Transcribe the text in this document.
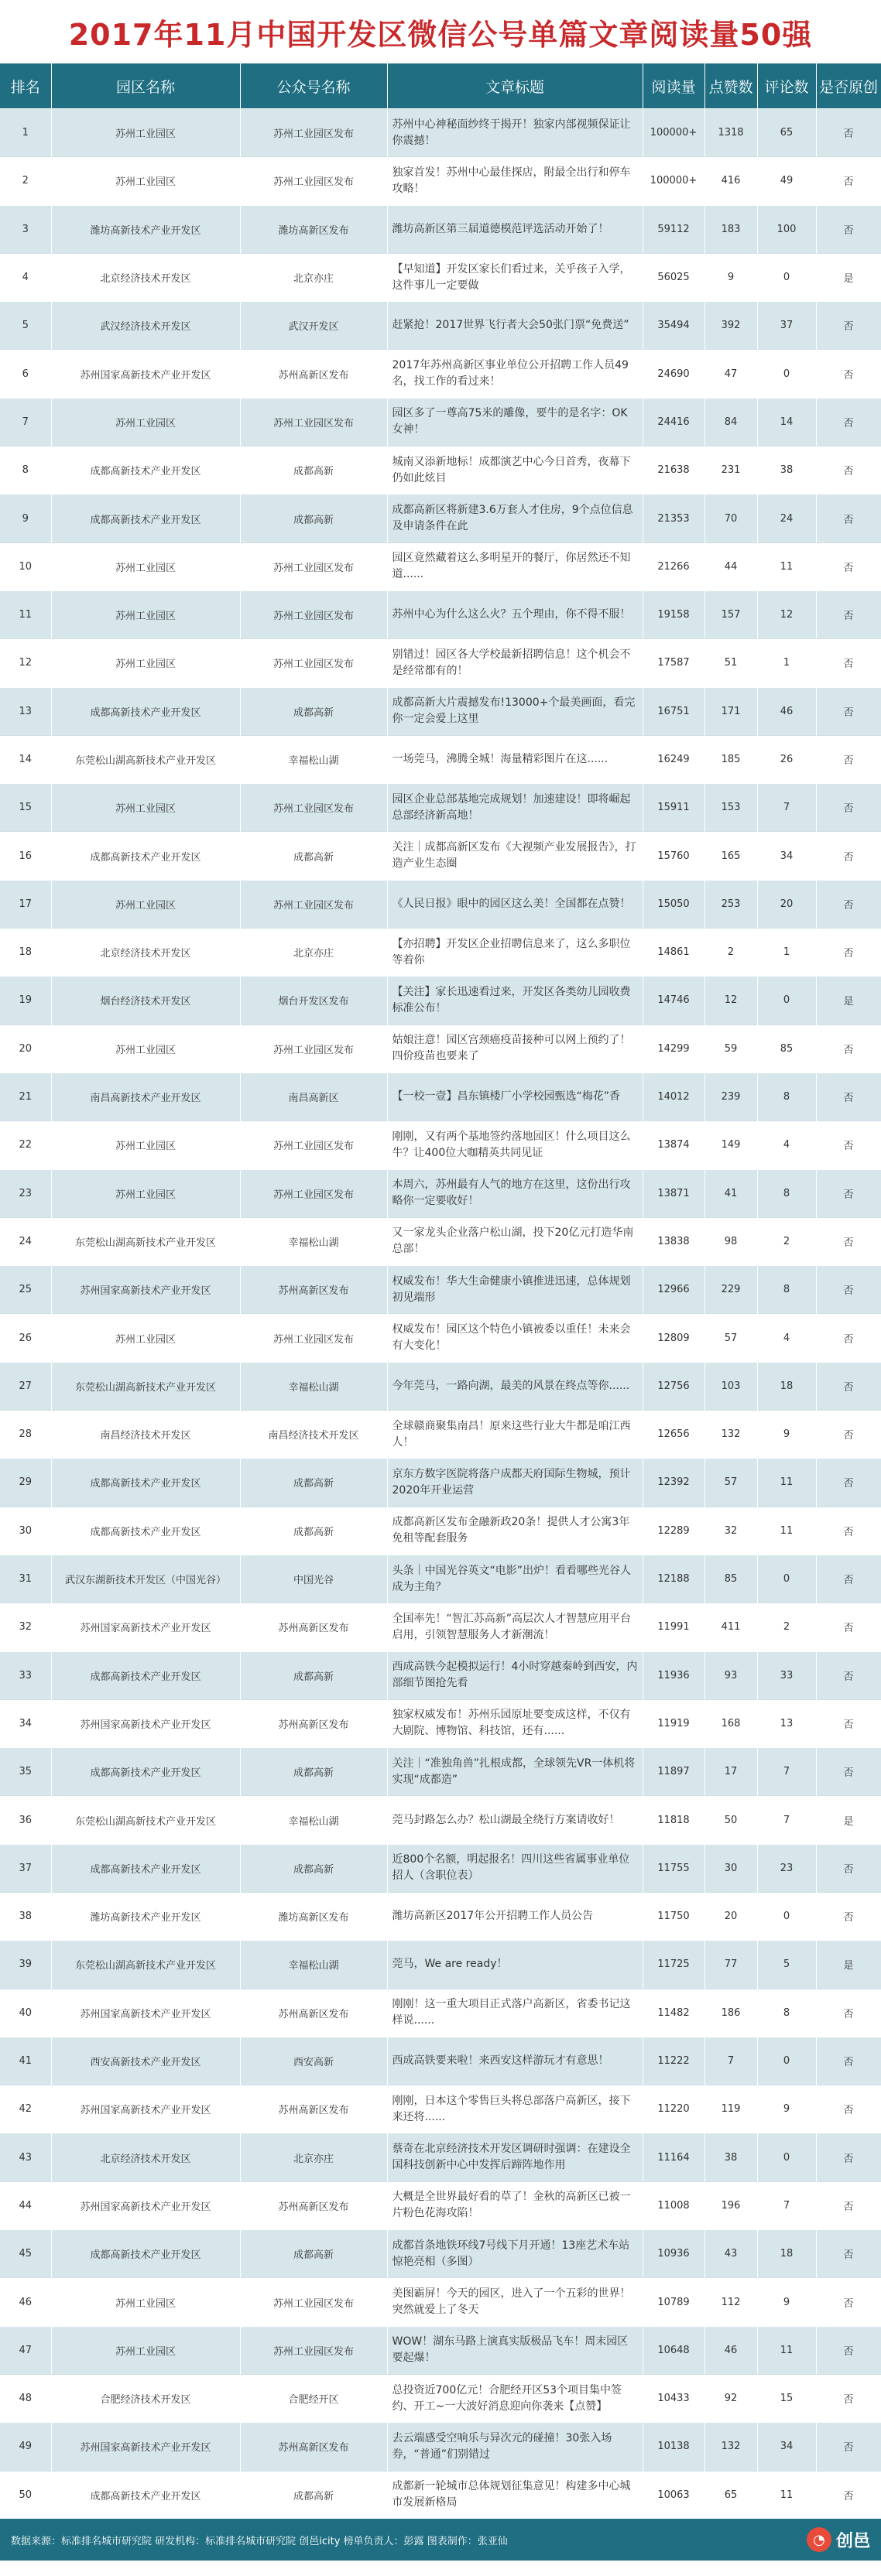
2017年11月中国开发区微信公号单篇文章阅读量50强
排名	园区名称	公众号名称	文章标题	阅读量	点赞数	评论数	是否原创
1	苏州工业园区	苏州工业园区发布	苏州中心神秘面纱终于揭开！独家内部视频保证让你震撼！	100000+	1318	65	否
2	苏州工业园区	苏州工业园区发布	独家首发！苏州中心最佳探店，附最全出行和停车攻略！	100000+	416	49	否
3	潍坊高新技术产业开发区	潍坊高新区发布	潍坊高新区第三届道德模范评选活动开始了！	59112	183	100	否
4	北京经济技术开发区	北京亦庄	【早知道】开发区家长们看过来，关乎孩子入学，这件事儿一定要做	56025	9	0	是
5	武汉经济技术开发区	武汉开发区	赶紧抢！2017世界飞行者大会50张门票“免费送”	35494	392	37	否
6	苏州国家高新技术产业开发区	苏州高新区发布	2017年苏州高新区事业单位公开招聘工作人员49名，找工作的看过来！	24690	47	0	否
7	苏州工业园区	苏州工业园区发布	园区多了一尊高75米的雕像，要牛的是名字：OK女神！	24416	84	14	否
8	成都高新技术产业开发区	成都高新	城南又添新地标！成都演艺中心今日首秀，夜幕下仍如此炫目	21638	231	38	否
9	成都高新技术产业开发区	成都高新	成都高新区将新建3.6万套人才住房，9个点位信息及申请条件在此	21353	70	24	否
10	苏州工业园区	苏州工业园区发布	园区竟然藏着这么多明星开的餐厅，你居然还不知道......	21266	44	11	否
11	苏州工业园区	苏州工业园区发布	苏州中心为什么这么火？五个理由，你不得不服！	19158	157	12	否
12	苏州工业园区	苏州工业园区发布	别错过！园区各大学校最新招聘信息！这个机会不是经常都有的！	17587	51	1	否
13	成都高新技术产业开发区	成都高新	成都高新大片震撼发布!13000+个最美画面，看完你一定会爱上这里	16751	171	46	否
14	东莞松山湖高新技术产业开发区	幸福松山湖	一场莞马，沸腾全城！海量精彩图片在这......	16249	185	26	否
15	苏州工业园区	苏州工业园区发布	园区企业总部基地完成规划！加速建设！即将崛起总部经济新高地！	15911	153	7	否
16	成都高新技术产业开发区	成都高新	关注｜成都高新区发布《大视频产业发展报告》，打造产业生态圈	15760	165	34	否
17	苏州工业园区	苏州工业园区发布	《人民日报》眼中的园区这么美！全国都在点赞！	15050	253	20	否
18	北京经济技术开发区	北京亦庄	【亦招聘】开发区企业招聘信息来了，这么多职位等着你	14861	2	1	否
19	烟台经济技术开发区	烟台开发区发布	【关注】家长迅速看过来，开发区各类幼儿园收费标准公布！	14746	12	0	是
20	苏州工业园区	苏州工业园区发布	姑娘注意！园区宫颈癌疫苗接种可以网上预约了！四价疫苗也要来了	14299	59	85	否
21	南昌高新技术产业开发区	南昌高新区	【一校一壹】昌东镇楼厂小学校园甄选“梅花”香	14012	239	8	否
22	苏州工业园区	苏州工业园区发布	刚刚，又有两个基地签约落地园区！什么项目这么牛？让400位大咖精英共同见证	13874	149	4	否
23	苏州工业园区	苏州工业园区发布	本周六，苏州最有人气的地方在这里，这份出行攻略你一定要收好！	13871	41	8	否
24	东莞松山湖高新技术产业开发区	幸福松山湖	又一家龙头企业落户松山湖，投下20亿元打造华南总部！	13838	98	2	否
25	苏州国家高新技术产业开发区	苏州高新区发布	权威发布！华大生命健康小镇推进迅速，总体规划初见端形	12966	229	8	否
26	苏州工业园区	苏州工业园区发布	权威发布！园区这个特色小镇被委以重任！未来会有大变化！	12809	57	4	否
27	东莞松山湖高新技术产业开发区	幸福松山湖	今年莞马，一路向湖，最美的风景在终点等你......	12756	103	18	否
28	南昌经济技术开发区	南昌经济技术开发区	全球赣商聚集南昌！原来这些行业大牛都是咱江西人！	12656	132	9	否
29	成都高新技术产业开发区	成都高新	京东方数字医院将落户成都天府国际生物城，预计2020年开业运营	12392	57	11	否
30	成都高新技术产业开发区	成都高新	成都高新区发布金融新政20条！提供人才公寓3年免租等配套服务	12289	32	11	否
31	武汉东湖新技术开发区（中国光谷）	中国光谷	头条｜中国光谷英文“电影”出炉！看看哪些光谷人成为主角？	12188	85	0	否
32	苏州国家高新技术产业开发区	苏州高新区发布	全国率先！“智汇苏高新”高层次人才智慧应用平台启用，引领智慧服务人才新潮流！	11991	411	2	否
33	成都高新技术产业开发区	成都高新	西成高铁今起模拟运行！4小时穿越秦岭到西安，内部细节图抢先看	11936	93	33	否
34	苏州国家高新技术产业开发区	苏州高新区发布	独家权威发布！苏州乐园原址要变成这样，不仅有大剧院、博物馆、科技馆，还有......	11919	168	13	否
35	成都高新技术产业开发区	成都高新	关注｜“准独角兽”扎根成都，全球领先VR一体机将实现“成都造”	11897	17	7	否
36	东莞松山湖高新技术产业开发区	幸福松山湖	莞马封路怎么办？松山湖最全绕行方案请收好！	11818	50	7	是
37	成都高新技术产业开发区	成都高新	近800个名额，明起报名！四川这些省属事业单位招人（含职位表）	11755	30	23	否
38	潍坊高新技术产业开发区	潍坊高新区发布	潍坊高新区2017年公开招聘工作人员公告	11750	20	0	否
39	东莞松山湖高新技术产业开发区	幸福松山湖	莞马，We are ready！	11725	77	5	是
40	苏州国家高新技术产业开发区	苏州高新区发布	刚刚！这一重大项目正式落户高新区，省委书记这样说......	11482	186	8	否
41	西安高新技术产业开发区	西安高新	西成高铁要来啦！来西安这样游玩才有意思！	11222	7	0	否
42	苏州国家高新技术产业开发区	苏州高新区发布	刚刚，日本这个零售巨头将总部落户高新区，接下来还将......	11220	119	9	否
43	北京经济技术开发区	北京亦庄	蔡奇在北京经济技术开发区调研时强调：在建设全国科技创新中心中发挥后蹄阵地作用	11164	38	0	否
44	苏州国家高新技术产业开发区	苏州高新区发布	大概是全世界最好看的草了！金秋的高新区已被一片粉色花海攻陷！	11008	196	7	否
45	成都高新技术产业开发区	成都高新	成都首条地铁环线7号线下月开通！13座艺术车站惊艳亮相（多图）	10936	43	18	否
46	苏州工业园区	苏州工业园区发布	美图霸屏！今天的园区，进入了一个五彩的世界！突然就爱上了冬天	10789	112	9	否
47	苏州工业园区	苏州工业园区发布	WOW！湖东马路上演真实版极品飞车！周末园区要起爆！	10648	46	11	否
48	合肥经济技术开发区	合肥经开区	总投资近700亿元！合肥经开区53个项目集中签约、开工~一大波好消息迎向你袭来【点赞】	10433	92	15	否
49	苏州国家高新技术产业开发区	苏州高新区发布	去云端感受空响乐与异次元的碰撞！30张入场券，“普通”们别错过	10138	132	34	否
50	成都高新技术产业开发区	成都高新	成都新一轮城市总体规划征集意见！构建多中心城市发展新格局	10063	65	11	否
数据来源：标准排名城市研究院 研发机构：标准排名城市研究院 创邑icity 榜单负责人：彭露 图表制作：张亚仙	◔ 创邑
